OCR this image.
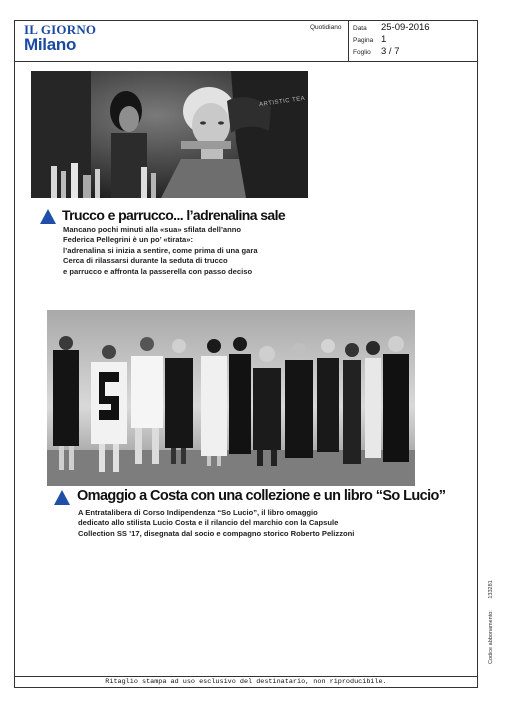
IL GIORNO
Milano
Quotidiano Data 25-09-2016
Pagina 1
Foglio 3 / 7
ARTISTIC TEA
Trucco e parrucco... l’adrenalina sale
Mancano pochi minuti alla «sua» sfilata dell’anno
Federica Pellegrini è un po’ «tirata»:
l’adrenalina si inizia a sentire, come prima di una gara
Cerca di rilassarsi durante la seduta di trucco
e parrucco e affronta la passerella con passo deciso
Omaggio a Costa con una collezione e un libro “So Lucio”
A Entratalibera di Corso Indipendenza “So Lucio”, il libro omaggio
dedicato allo stilista Lucio Costa e il rilancio del marchio con la Capsule
Collection SS ’17, disegnata dal socio e compagno storico Roberto Pelizzoni
Ritaglio stampa ad uso esclusivo del destinatario, non riproducibile.
Codice abbonamento: 133281
